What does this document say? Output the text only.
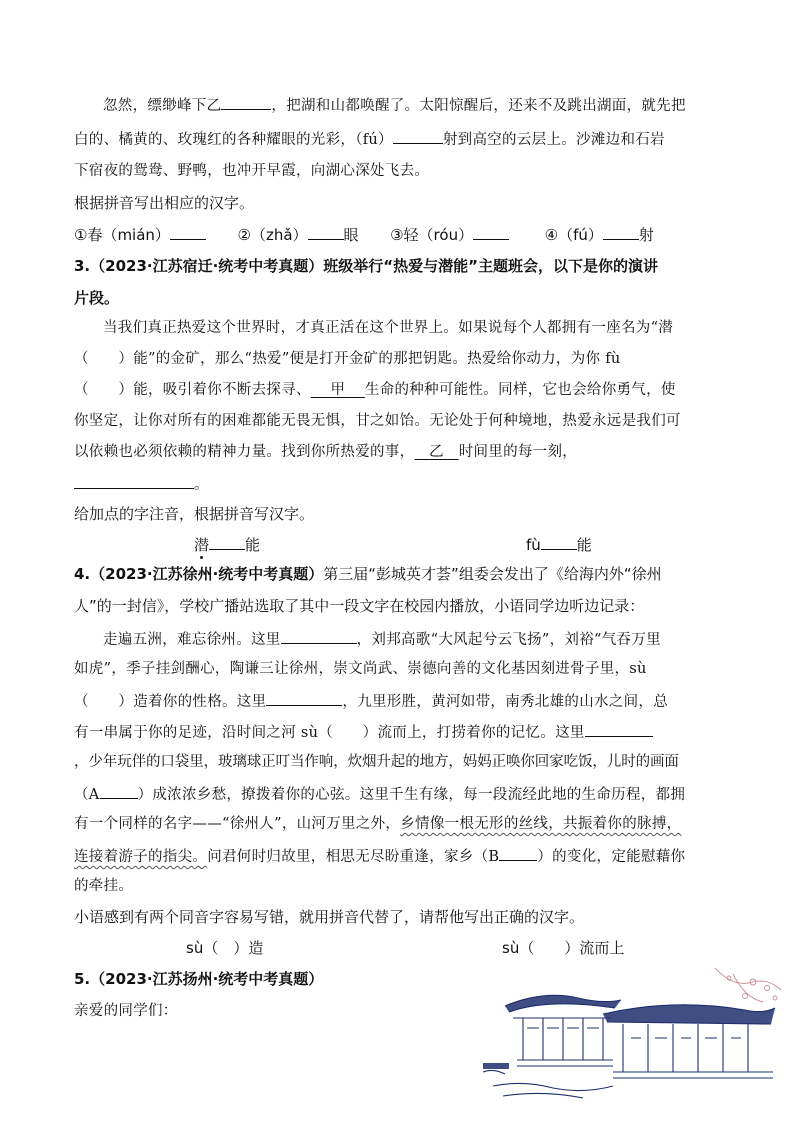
忽然，缥缈峰下乙	，把湖和山都唤醒了。太阳惊醒后，还来不及跳出湖面，就先把
白的、橘黄的、玫瑰红的各种耀眼的光彩，（fú）	射到高空的云层上。沙滩边和石岩
下宿夜的鸳鸯、野鸭，也冲开早霞，向湖心深处飞去。
根据拼音写出相应的汉字。
①春（mián）	②（zhǎ） 眼 ③轻（róu）	④（fú） 射
3.（2023·江苏宿迁·统考中考真题）班级举行“热爱与潜能”主题班会，以下是你的演讲
片段。
当我们真正热爱这个世界时，才真正活在这个世界上。如果说每个人都拥有一座名为“潜
（　　）能”的金矿，那么“热爱”便是打开金矿的那把钥匙。热爱给你动力，为你 fù
（　　）能，吸引着你不断去探寻、 甲 生命的种种可能性。同样，它也会给你勇气，使
你坚定，让你对所有的困难都能无畏无惧，甘之如饴。无论处于何种境地，热爱永远是我们可
以依赖也必须依赖的精神力量。找到你所热爱的事， 乙 时间里的每一刻，
。
给加点的字注音，根据拼音写汉字。
潜 能	fù 能
4.（2023·江苏徐州·统考中考真题）第三届“彭城英才荟”组委会发出了《给海内外“徐州
人”的一封信》，学校广播站选取了其中一段文字在校园内播放，小语同学边听边记录：
走遍五洲，难忘徐州。这里	，刘邦高歌“大风起兮云飞扬”，刘裕“气吞万里
如虎”，季子挂剑酬心，陶谦三让徐州，崇文尚武、崇德向善的文化基因刻进骨子里，sù
（　　）造着你的性格。这里	，九里形胜，黄河如带，南秀北雄的山水之间，总
有一串属于你的足迹，沿时间之河 sù（　　）流而上，打捞着你的记忆。这里
，少年玩伴的口袋里，玻璃球正叮当作响，炊烟升起的地方，妈妈正唤你回家吃饭，儿时的画面
（A	）成浓浓乡愁，撩拨着你的心弦。这里千生有缘，每一段流经此地的生命历程，都拥
有一个同样的名字——“徐州人”，山河万里之外，乡情像一根无形的丝线，共振着你的脉搏，
连接着游子的指尖。问君何时归故里，相思无尽盼重逢，家乡（B	）的变化，定能慰藉你
的牵挂。
小语感到有两个同音字容易写错，就用拼音代替了，请帮他写出正确的汉字。
sù（　）造	sù（　　）流而上
5.（2023·江苏扬州·统考中考真题）
亲爱的同学们：
